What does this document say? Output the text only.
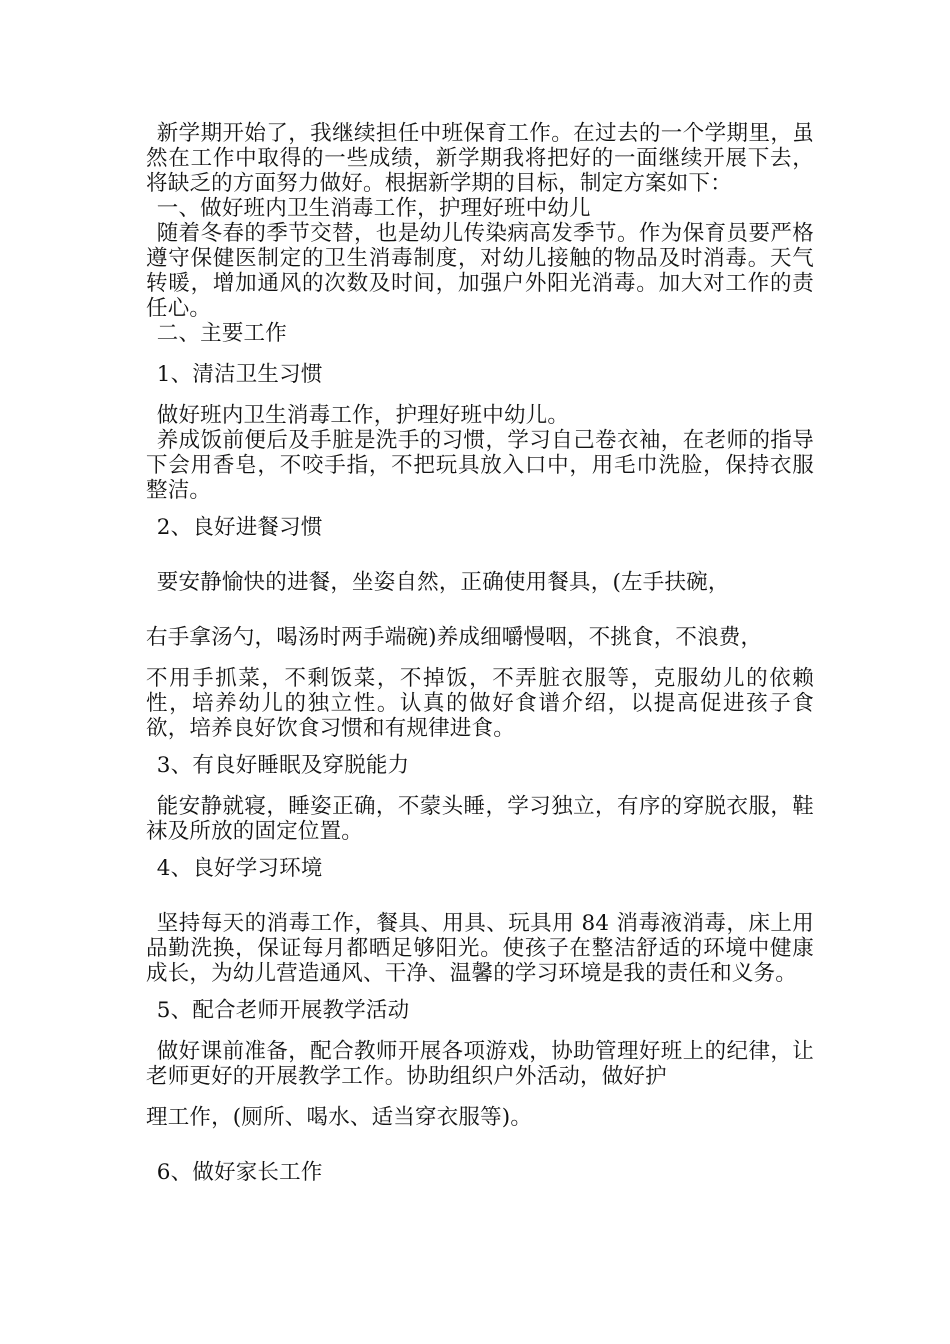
新学期开始了，我继续担任中班保育工作。在过去的一个学期里，虽然在工作中取得的一些成绩，新学期我将把好的一面继续开展下去，将缺乏的方面努力做好。根据新学期的目标，制定方案如下：

一、做好班内卫生消毒工作，护理好班中幼儿

随着冬春的季节交替，也是幼儿传染病高发季节。作为保育员要严格遵守保健医制定的卫生消毒制度，对幼儿接触的物品及时消毒。天气转暖，增加通风的次数及时间，加强户外阳光消毒。加大对工作的责任心。

二、主要工作

1、清洁卫生习惯

做好班内卫生消毒工作，护理好班中幼儿。

养成饭前便后及手脏是洗手的习惯，学习自己卷衣袖，在老师的指导下会用香皂，不咬手指，不把玩具放入口中，用毛巾洗脸，保持衣服整洁。

2、良好进餐习惯

要安静愉快的进餐，坐姿自然，正确使用餐具，(左手扶碗，

右手拿汤勺，喝汤时两手端碗)养成细嚼慢咽，不挑食，不浪费，

不用手抓菜，不剩饭菜，不掉饭，不弄脏衣服等，克服幼儿的依赖性，培养幼儿的独立性。认真的做好食谱介绍，以提高促进孩子食欲，培养良好饮食习惯和有规律进食。

3、有良好睡眠及穿脱能力

能安静就寝，睡姿正确，不蒙头睡，学习独立，有序的穿脱衣服，鞋袜及所放的固定位置。

4、良好学习环境

坚持每天的消毒工作，餐具、用具、玩具用 84 消毒液消毒，床上用品勤洗换，保证每月都晒足够阳光。使孩子在整洁舒适的环境中健康成长，为幼儿营造通风、干净、温馨的学习环境是我的责任和义务。

5、配合老师开展教学活动

做好课前准备，配合教师开展各项游戏，协助管理好班上的纪律，让老师更好的开展教学工作。协助组织户外活动，做好护

理工作，(厕所、喝水、适当穿衣服等)。

6、做好家长工作
